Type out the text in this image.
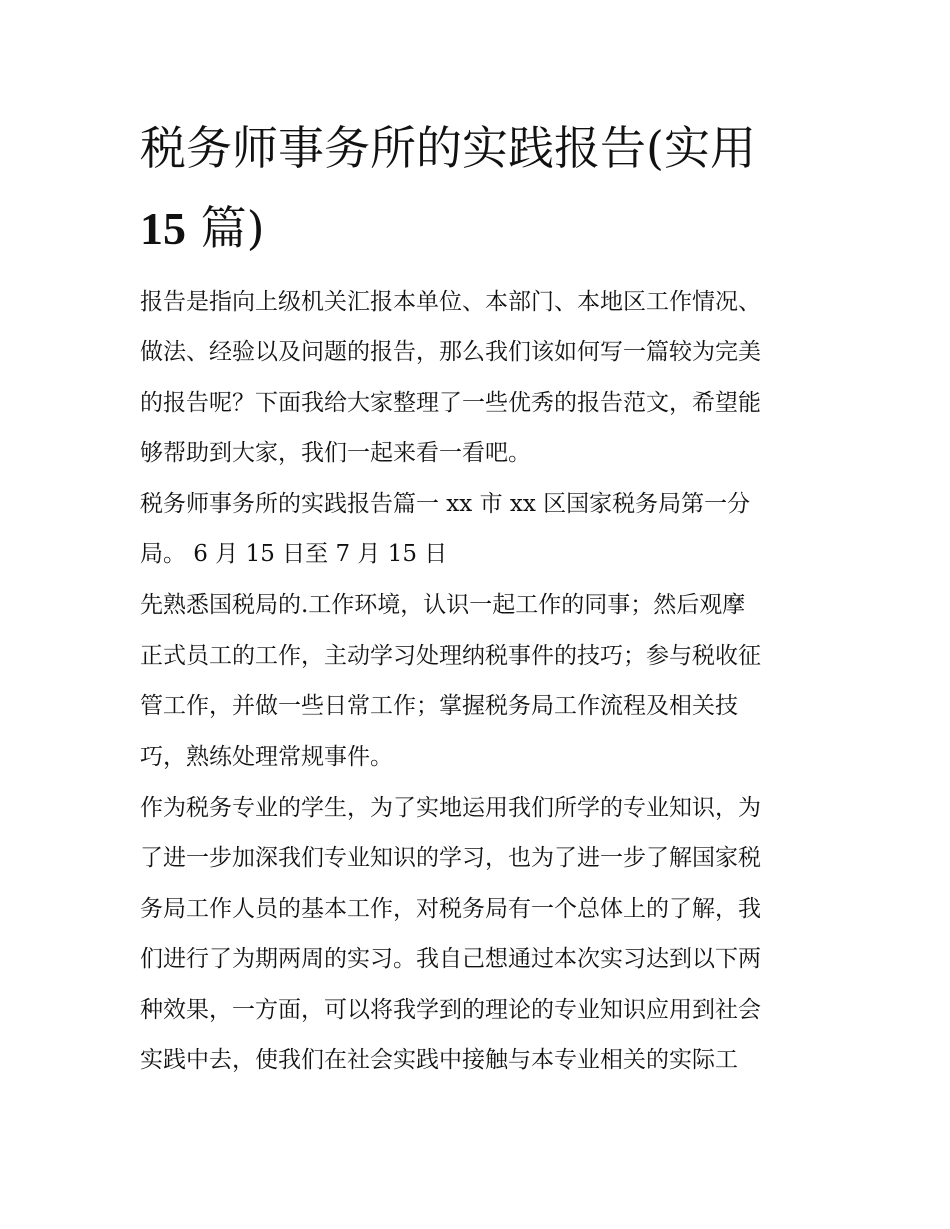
税务师事务所的实践报告(实用
15 篇)
报告是指向上级机关汇报本单位、本部门、本地区工作情况、
做法、经验以及问题的报告，那么我们该如何写一篇较为完美
的报告呢？下面我给大家整理了一些优秀的报告范文，希望能
够帮助到大家，我们一起来看一看吧。
税务师事务所的实践报告篇一 xx 市 xx 区国家税务局第一分
局。 6 月 15 日至 7 月 15 日
先熟悉国税局的.工作环境，认识一起工作的同事；然后观摩
正式员工的工作，主动学习处理纳税事件的技巧；参与税收征
管工作，并做一些日常工作；掌握税务局工作流程及相关技
巧，熟练处理常规事件。
作为税务专业的学生，为了实地运用我们所学的专业知识，为
了进一步加深我们专业知识的学习，也为了进一步了解国家税
务局工作人员的基本工作，对税务局有一个总体上的了解，我
们进行了为期两周的实习。我自己想通过本次实习达到以下两
种效果，一方面，可以将我学到的理论的专业知识应用到社会
实践中去，使我们在社会实践中接触与本专业相关的实际工
